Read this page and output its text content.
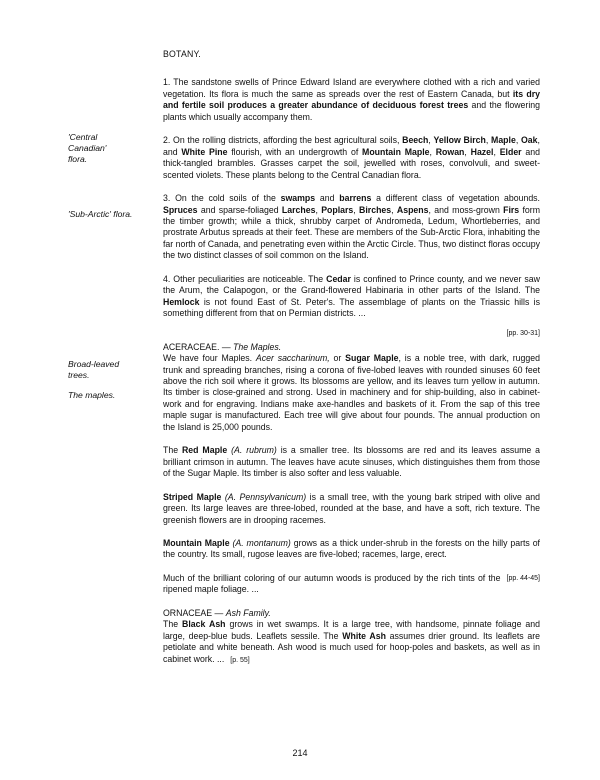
'Central
Canadian'
flora.
'Sub-Arctic' flora.
Broad-leaved
trees.
The maples.

BOTANY.

1. The sandstone swells of Prince Edward Island are everywhere clothed with a rich and varied vegetation. Its flora is much the same as spreads over the rest of Eastern Canada, but its dry and fertile soil produces a greater abundance of deciduous forest trees and the flowering plants which usually accompany them.

2. On the rolling districts, affording the best agricultural soils, Beech, Yellow Birch, Maple, Oak, and White Pine flourish, with an undergrowth of Mountain Maple, Rowan, Hazel, Elder and thick-tangled brambles. Grasses carpet the soil, jewelled with roses, convolvuli, and sweet-scented violets. These plants belong to the Central Canadian flora.

3. On the cold soils of the swamps and barrens a different class of vegetation abounds. Spruces and sparse-foliaged Larches, Poplars, Birches, Aspens, and moss-grown Firs form the timber growth; while a thick, shrubby carpet of Andromeda, Ledum, Whortleberries, and prostrate Arbutus spreads at their feet. These are members of the Sub-Arctic Flora, inhabiting the far north of Canada, and penetrating even within the Arctic Circle. Thus, two distinct floras occupy the two distinct classes of soil common on the Island.

4. Other peculiarities are noticeable. The Cedar is confined to Prince county, and we never saw the Arum, the Calapogon, or the Grand-flowered Habinaria in other parts of the Island. The Hemlock is not found East of St. Peter's. The assemblage of plants on the Triassic hills is something different from that on Permian districts. ...

[pp. 30-31]

ACERACEAE. — The Maples.

We have four Maples. Acer saccharinum, or Sugar Maple, is a noble tree, with dark, rugged trunk and spreading branches, rising a corona of five-lobed leaves with rounded sinuses 60 feet above the rich soil where it grows. Its blossoms are yellow, and its leaves turn yellow in autumn. Its timber is close-grained and strong. Used in machinery and for ship-building, also in cabinet-work and for engraving. Indians make axe-handles and baskets of it. From the sap of this tree maple sugar is manufactured. Each tree will give about four pounds. The annual production on the Island is 25,000 pounds.

The Red Maple (A. rubrum) is a smaller tree. Its blossoms are red and its leaves assume a brilliant crimson in autumn. The leaves have acute sinuses, which distinguishes them from those of the Sugar Maple. Its timber is also softer and less valuable.

Striped Maple (A. Pennsylvanicum) is a small tree, with the young bark striped with olive and green. Its large leaves are three-lobed, rounded at the base, and have a soft, rich texture. The greenish flowers are in drooping racemes.

Mountain Maple (A. montanum) grows as a thick under-shrub in the forests on the hilly parts of the country. Its small, rugose leaves are five-lobed; racemes, large, erect.

[pp. 44-45]
Much of the brilliant coloring of our autumn woods is produced by the rich tints of the ripened maple foliage. ...

ORNACEAE — Ash Family.

The Black Ash grows in wet swamps. It is a large tree, with handsome, pinnate foliage and large, deep-blue buds. Leaflets sessile. The White Ash assumes drier ground. Its leaflets are petiolate and white beneath. Ash wood is much used for hoop-poles and baskets, as well as in cabinet work. ... [p. 55]

214
